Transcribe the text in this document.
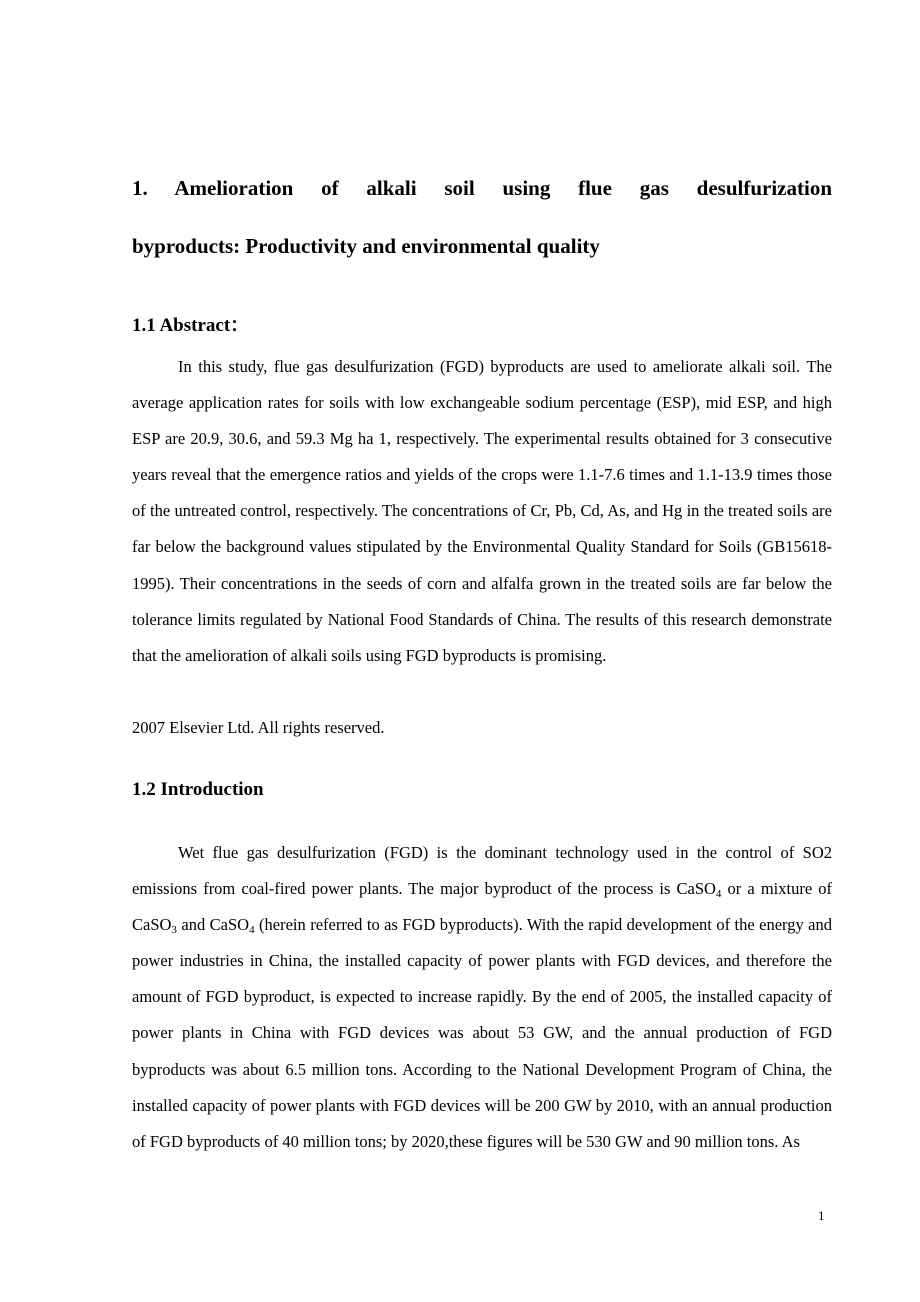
1. Amelioration of alkali soil using flue gas desulfurization
byproducts: Productivity and environmental quality
1.1 Abstract：
In this study, flue gas desulfurization (FGD) byproducts are used to ameliorate alkali soil. The average application rates for soils with low exchangeable sodium percentage (ESP), mid ESP, and high ESP are 20.9, 30.6, and 59.3 Mg ha 1, respectively. The experimental results obtained for 3 consecutive years reveal that the emergence ratios and yields of the crops were 1.1-7.6 times and 1.1-13.9 times those of the untreated control, respectively. The concentrations of Cr, Pb, Cd, As, and Hg in the treated soils are far below the background values stipulated by the Environmental Quality Standard for Soils (GB15618-1995). Their concentrations in the seeds of corn and alfalfa grown in the treated soils are far below the tolerance limits regulated by National Food Standards of China. The results of this research demonstrate that the amelioration of alkali soils using FGD byproducts is promising.
2007 Elsevier Ltd. All rights reserved.
1.2 Introduction
Wet flue gas desulfurization (FGD) is the dominant technology used in the control of SO2 emissions from coal-fired power plants. The major byproduct of the process is CaSO$_4$ or a mixture of CaSO$_3$ and CaSO$_4$ (herein referred to as FGD byproducts). With the rapid development of the energy and power industries in China, the installed capacity of power plants with FGD devices, and therefore the amount of FGD byproduct, is expected to increase rapidly. By the end of 2005, the installed capacity of power plants in China with FGD devices was about 53 GW, and the annual production of FGD byproducts was about 6.5 million tons. According to the National Development Program of China, the installed capacity of power plants with FGD devices will be 200 GW by 2010, with an annual production of FGD byproducts of 40 million tons; by 2020,these figures will be 530 GW and 90 million tons. As
1
